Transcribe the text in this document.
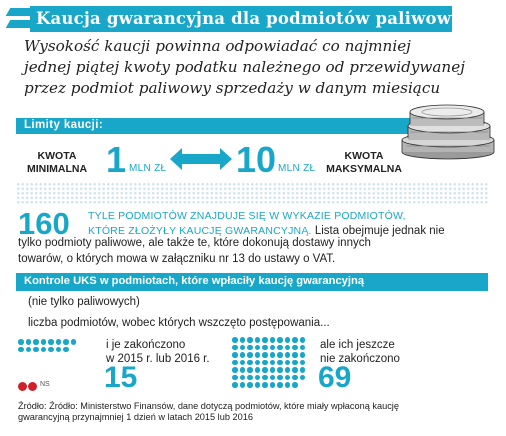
Kaucja gwarancyjna dla podmiotów paliwowych
Wysokość kaucji powinna odpowiadać co najmniej
jednej piątej kwoty podatku należnego od przewidywanej
przez podmiot paliwowy sprzedaży w danym miesiącu
Limity kaucji:
KWOTA
MINIMALNA 1 MLN ZŁ 10 MLN ZŁ
KWOTA
MAKSYMALNA
160 TYLE PODMIOTÓW ZNAJDUJE SIĘ W WYKAZIE PODMIOTÓW,
KTÓRE ZŁOŻYŁY KAUCJĘ GWARANCYJNĄ. Lista obejmuje jednak nie
tylko podmioty paliwowe, ale także te, które dokonują dostawy innych
towarów, o których mowa w załączniku nr 13 do ustawy o VAT.
Kontrole UKS w podmiotach, które wpłaciły kaucję gwarancyjną
(nie tylko paliwowych)
liczba podmiotów, wobec których wszczęto postępowania...
i je zakończono
w 2015 r. lub 2016 r.
15
ale ich jeszcze
nie zakończono
69
NS
Źródło: Źródło: Ministerstwo Finansów, dane dotyczą podmiotów, które miały wpłaconą kaucję
gwarancyjną przynajmniej 1 dzień w latach 2015 lub 2016
